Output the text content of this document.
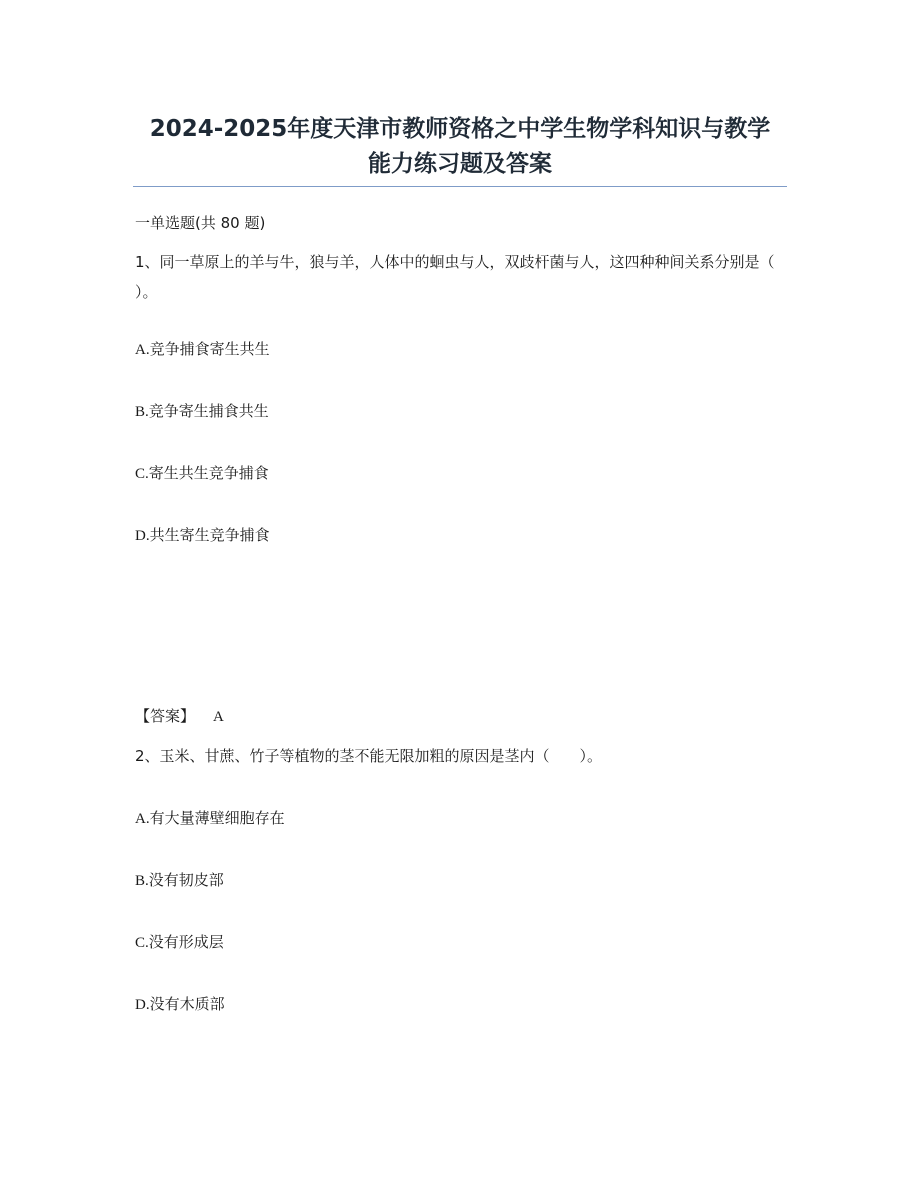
2024-2025年度天津市教师资格之中学生物学科知识与教学
能力练习题及答案
一单选题(共 80 题)
1、同一草原上的羊与牛，狼与羊，人体中的蛔虫与人，双歧杆菌与人，这四种种间关系分别是（ ）。
A.竞争捕食寄生共生
B.竞争寄生捕食共生
C.寄生共生竞争捕食
D.共生寄生竞争捕食
【答案】 A
2、玉米、甘蔗、竹子等植物的茎不能无限加粗的原因是茎内（　　）。
A.有大量薄壁细胞存在
B.没有韧皮部
C.没有形成层
D.没有木质部
